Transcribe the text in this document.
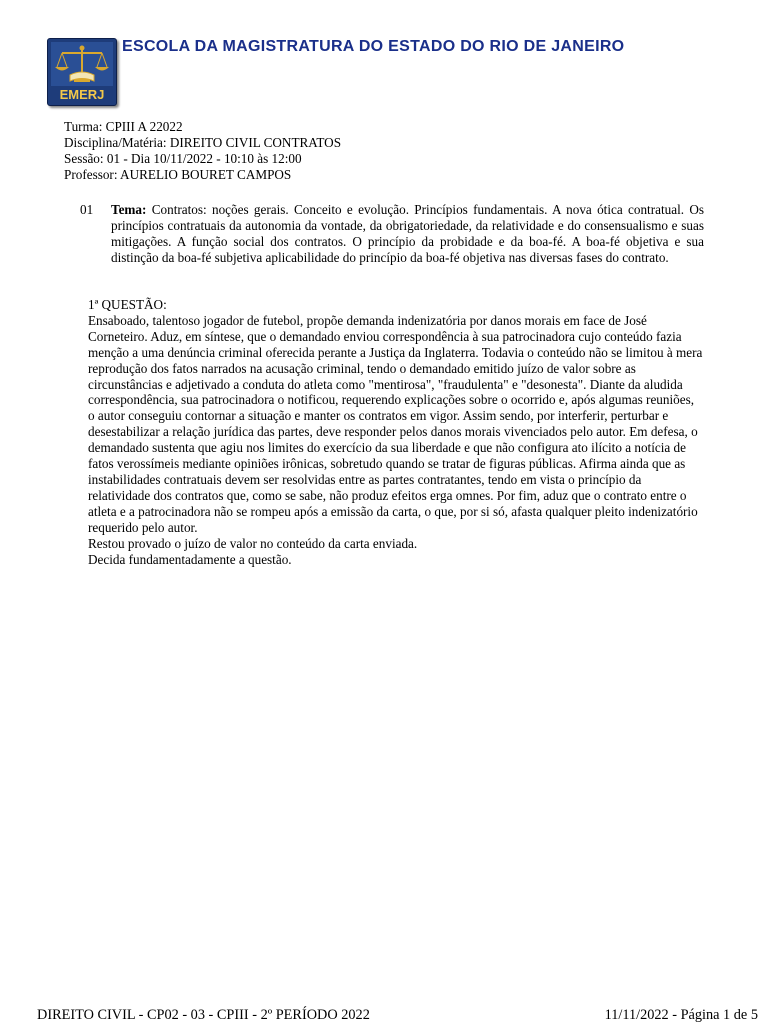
EMERJ
ESCOLA DA MAGISTRATURA DO ESTADO DO RIO DE JANEIRO
Turma: CPIII A 22022
Disciplina/Matéria: DIREITO CIVIL CONTRATOS
Sessão: 01 - Dia 10/11/2022 - 10:10 às 12:00
Professor: AURELIO BOURET CAMPOS
01 Tema: Contratos: noções gerais. Conceito e evolução. Princípios fundamentais. A nova ótica contratual. Os princípios contratuais da autonomia da vontade, da obrigatoriedade, da relatividade e do consensualismo e suas mitigações. A função social dos contratos. O princípio da probidade e da boa-fé. A boa-fé objetiva e sua distinção da boa-fé subjetiva aplicabilidade do princípio da boa-fé objetiva nas diversas fases do contrato.

1ª QUESTÃO:

Ensaboado, talentoso jogador de futebol, propõe demanda indenizatória por danos morais em face de José Corneteiro. Aduz, em síntese, que o demandado enviou correspondência à sua patrocinadora cujo conteúdo fazia menção a uma denúncia criminal oferecida perante a Justiça da Inglaterra. Todavia o conteúdo não se limitou à mera reprodução dos fatos narrados na acusação criminal, tendo o demandado emitido juízo de valor sobre as circunstâncias e adjetivado a conduta do atleta como "mentirosa", "fraudulenta" e "desonesta". Diante da aludida correspondência, sua patrocinadora o notificou, requerendo explicações sobre o ocorrido e, após algumas reuniões, o autor conseguiu contornar a situação e manter os contratos em vigor. Assim sendo, por interferir, perturbar e desestabilizar a relação jurídica das partes, deve responder pelos danos morais vivenciados pelo autor. Em defesa, o demandado sustenta que agiu nos limites do exercício da sua liberdade e que não configura ato ilícito a notícia de fatos verossímeis mediante opiniões irônicas, sobretudo quando se tratar de figuras públicas. Afirma ainda que as instabilidades contratuais devem ser resolvidas entre as partes contratantes, tendo em vista o princípio da relatividade dos contratos que, como se sabe, não produz efeitos erga omnes. Por fim, aduz que o contrato entre o atleta e a patrocinadora não se rompeu após a emissão da carta, o que, por si só, afasta qualquer pleito indenizatório requerido pelo autor.

Restou provado o juízo de valor no conteúdo da carta enviada.

Decida fundamentadamente a questão.

DIREITO CIVIL - CP02 - 03 - CPIII - 2º PERÍODO 2022	11/11/2022 - Página 1 de 5
